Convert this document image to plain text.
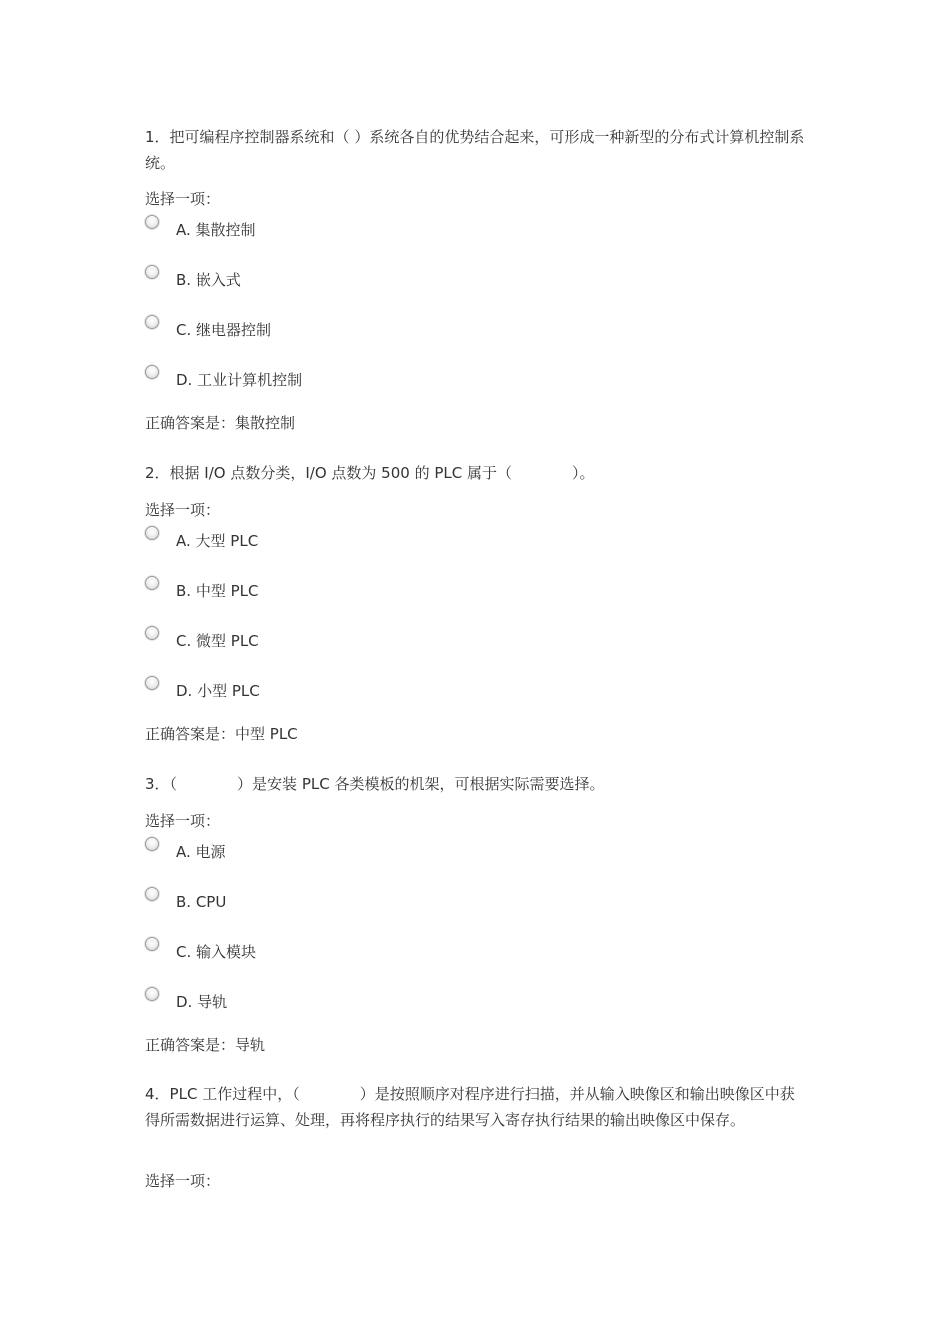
1．把可编程序控制器系统和（ ）系统各自的优势结合起来，可形成一种新型的分布式计算机控制系统。

选择一项：

A. 集散控制
B. 嵌入式
C. 继电器控制
D. 工业计算机控制

正确答案是：集散控制

2．根据 I/O 点数分类，I/O 点数为 500 的 PLC 属于（　　　　）。

选择一项：

A. 大型 PLC
B. 中型 PLC
C. 微型 PLC
D. 小型 PLC

正确答案是：中型 PLC

3．（　　　　）是安装 PLC 各类模板的机架，可根据实际需要选择。

选择一项：

A. 电源
B. CPU
C. 输入模块
D. 导轨

正确答案是：导轨

4．PLC 工作过程中，（　　　　）是按照顺序对程序进行扫描，并从输入映像区和输出映像区中获得所需数据进行运算、处理，再将程序执行的结果写入寄存执行结果的输出映像区中保存。

选择一项：
